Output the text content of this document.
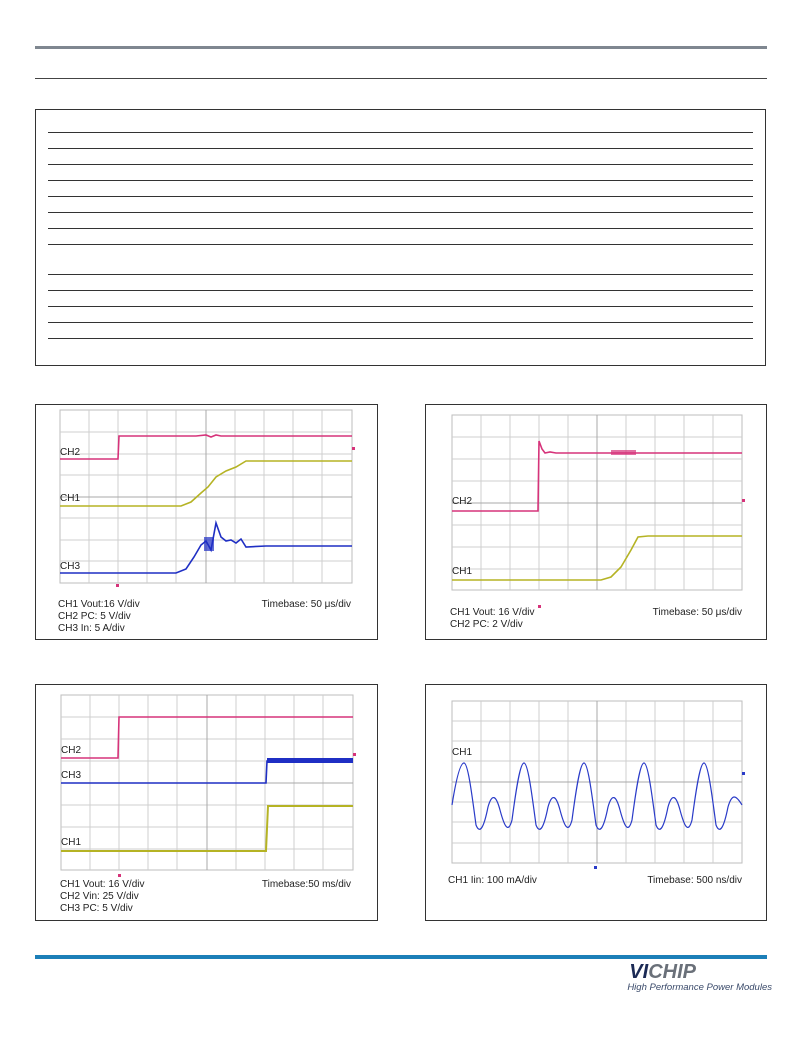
CH2
CH1
CH3
CH1 Vout:16 V/div
CH2 PC: 5 V/div
CH3 In: 5 A/div
Timebase: 50 μs/div
CH2
CH1
CH1 Vout: 16 V/div
CH2 PC: 2 V/div
Timebase: 50 μs/div
CH2
CH3
CH1
CH1 Vout: 16 V/div
CH2 Vin: 25 V/div
CH3 PC: 5 V/div
Timebase:50 ms/div
CH1
CH1 Iin: 100 mA/div	Timebase: 500 ns/div
VICHIP
High Performance Power Modules
